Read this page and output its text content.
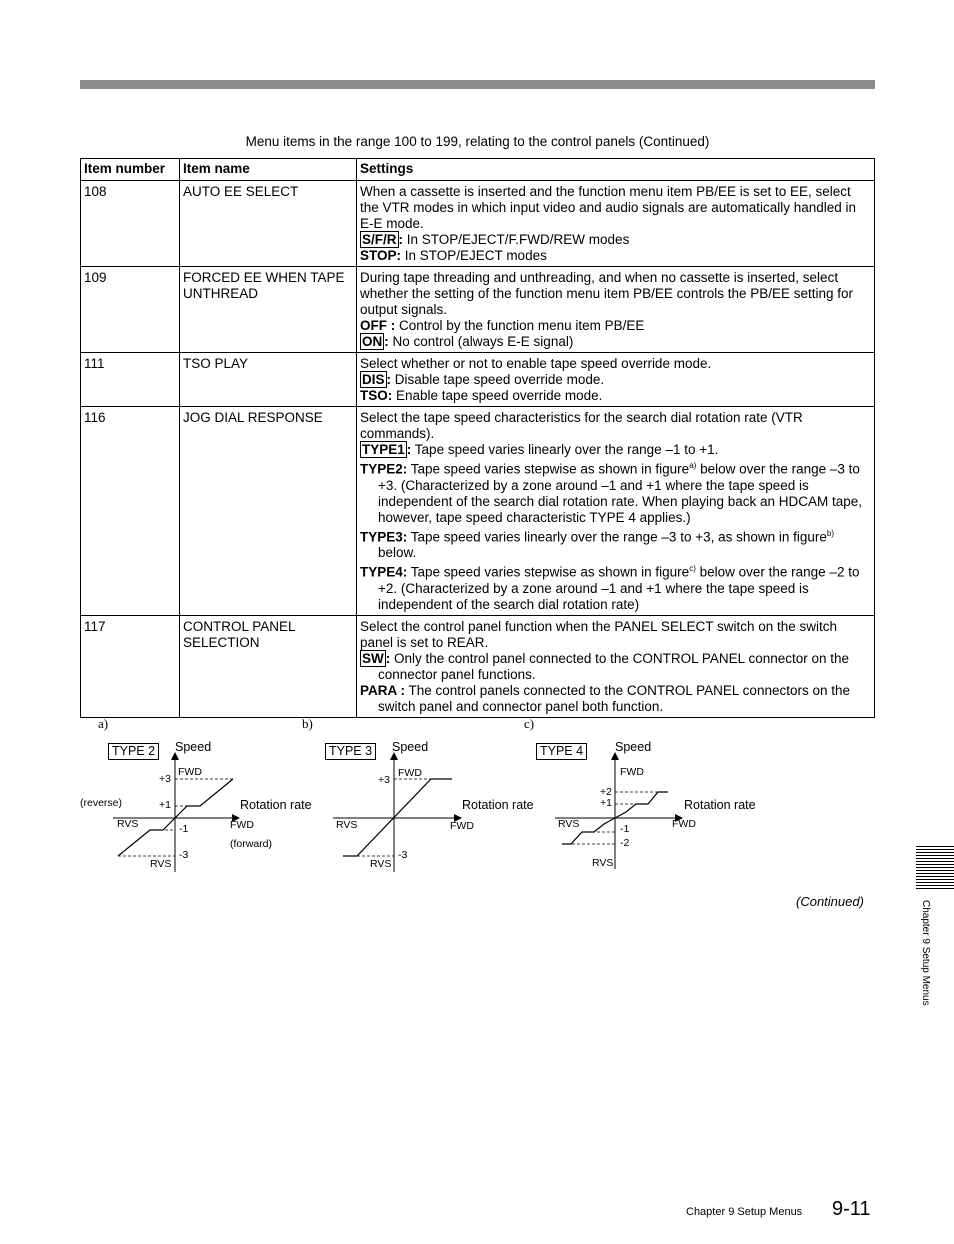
Menu items in the range 100 to 199, relating to the control panels (Continued)
Item number	Item name	Settings
108	AUTO EE SELECT	When a cassette is inserted and the function menu item PB/EE is set to EE, select the VTR modes in which input video and audio signals are automatically handled in E-E mode.
S/F/R : In STOP/EJECT/F.FWD/REW modes
STOP: In STOP/EJECT modes

109	FORCED EE WHEN TAPE UNTHREAD	During tape threading and unthreading, and when no cassette is inserted, select whether the setting of the function menu item PB/EE controls the PB/EE setting for output signals.
OFF : Control by the function menu item PB/EE
ON : No control (always E-E signal)

111	TSO PLAY	Select whether or not to enable tape speed override mode.
DIS : Disable tape speed override mode.
TSO: Enable tape speed override mode.

116	JOG DIAL RESPONSE	Select the tape speed characteristics for the search dial rotation rate (VTR commands).
TYPE1 : Tape speed varies linearly over the range –1 to +1.
TYPE2: Tape speed varies stepwise as shown in figure$^{a)}$ below over the range –3 to +3. (Characterized by a zone around –1 and +1 where the tape speed is independent of the search dial rotation rate. When playing back an HDCAM tape, however, tape speed characteristic TYPE 4 applies.)
TYPE3: Tape speed varies linearly over the range –3 to +3, as shown in figure$^{b)}$ below.
TYPE4: Tape speed varies stepwise as shown in figure$^{c)}$ below over the range –2 to +2. (Characterized by a zone around –1 and +1 where the tape speed is independent of the search dial rotation rate)

117	CONTROL PANEL SELECTION	Select the control panel function when the PANEL SELECT switch on the switch panel is set to REAR.
SW : Only the control panel connected to the CONTROL PANEL connector on the connector panel functions.
PARA : The control panels connected to the CONTROL PANEL connectors on the switch panel and connector panel both function.
a)
TYPE 2	Speed
FWD
+3
(reverse)	+1	Rotation rate
RVS	-1	FWD
(forward)
-3
RVS
b)
TYPE 3	Speed
FWD
+3
Rotation rate
RVS	FWD
-3
RVS
c)
TYPE 4	Speed
FWD
+2
+1	Rotation rate
RVS	FWD
-1
-2
RVS
(Continued)	Chapter 9 Setup Menus
Chapter 9 Setup Menus 9-11
